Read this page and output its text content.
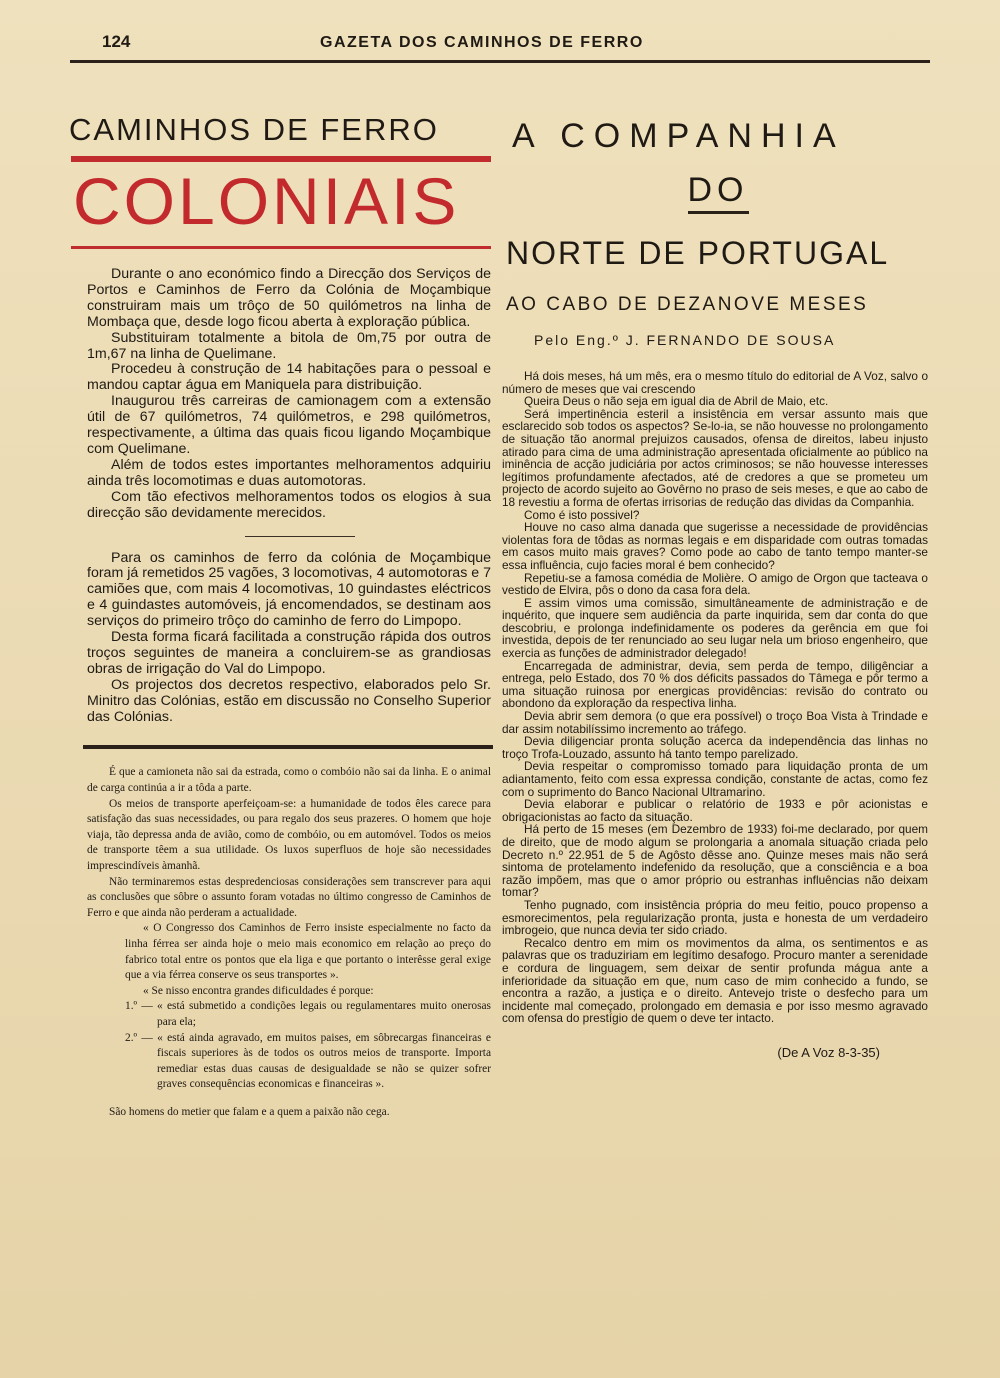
124	GAZETA DOS CAMINHOS DE FERRO
CAMINHOS DE FERRO
COLONIAIS

Durante o ano económico findo a Direcção dos Serviços de Portos e Caminhos de Ferro da Colónia de Moçambique construiram mais um trôço de 50 quilómetros na linha de Mombaça que, desde logo ficou aberta à exploração pública.

Substituiram totalmente a bitola de 0m,75 por outra de 1m,67 na linha de Quelimane.

Procedeu à construção de 14 habitações para o pessoal e mandou captar água em Maniquela para distribuição.

Inaugurou três carreiras de camionagem com a extensão útil de 67 quilómetros, 74 quilómetros, e 298 quilómetros, respectivamente, a última das quais ficou ligando Moçambique com Quelimane.

Além de todos estes importantes melhoramentos adquiriu ainda três locomotimas e duas automotoras.

Com tão efectivos melhoramentos todos os elogios à sua direcção são devidamente merecidos.

Para os caminhos de ferro da colónia de Moçambique foram já remetidos 25 vagões, 3 locomotivas, 4 automotoras e 7 camiões que, com mais 4 locomotivas, 10 guindastes eléctricos e 4 guindastes automóveis, já encomendados, se destinam aos serviços do primeiro trôço do caminho de ferro do Limpopo.

Desta forma ficará facilitada a construção rápida dos outros troços seguintes de maneira a concluirem-se as grandiosas obras de irrigação do Val do Limpopo.

Os projectos dos decretos respectivo, elaborados pelo Sr. Minitro das Colónias, estão em discussão no Conselho Superior das Colónias.

É que a camioneta não sai da estrada, como o combóio não sai da linha. E o animal de carga continúa a ir a tôda a parte.

Os meios de transporte aperfeiçoam-se: a humanidade de todos êles carece para satisfação das suas necessidades, ou para regalo dos seus prazeres. O homem que hoje viaja, tão depressa anda de avião, como de combóio, ou em automóvel. Todos os meios de transporte têem a sua utilidade. Os luxos superfluos de hoje são necessidades imprescindíveis àmanhã.

Não terminaremos estas despredenciosas considerações sem transcrever para aqui as conclusões que sôbre o assunto foram votadas no último congresso de Caminhos de Ferro e que ainda não perderam a actualidade.

« O Congresso dos Caminhos de Ferro insiste especialmente no facto da linha férrea ser ainda hoje o meio mais economico em relação ao preço do fabrico total entre os pontos que ela liga e que portanto o interêsse geral exige que a via férrea conserve os seus transportes ».

« Se nisso encontra grandes dificuldades é porque:

1.º — « está submetido a condições legais ou regulamentares muito onerosas para ela;

2.º — « está ainda agravado, em muitos paises, em sôbrecargas financeiras e fiscais superiores às de todos os outros meios de transporte. Importa remediar estas duas causas de desigualdade se não se quizer sofrer graves consequências economicas e financeiras ».

São homens do metier que falam e a quem a paixão não cega.

A COMPANHIA
DO
NORTE DE PORTUGAL
AO CABO DE DEZANOVE MESES
Pelo Eng.º J. FERNANDO DE SOUSA

Há dois meses, há um mês, era o mesmo título do editorial de A Voz, salvo o número de meses que vai crescendo

Queira Deus o não seja em igual dia de Abril de Maio, etc.

Será impertinência esteril a insistência em versar assunto mais que esclarecido sob todos os aspectos? Se-lo-ia, se não houvesse no prolongamento de situação tão anormal prejuizos causados, ofensa de direitos, labeu injusto atirado para cima de uma administração apresentada oficialmente ao público na iminência de acção judiciária por actos criminosos; se não houvesse interesses legítimos profundamente afectados, até de credores a que se prometeu um projecto de acordo sujeito ao Govêrno no praso de seis meses, e que ao cabo de 18 revestiu a forma de ofertas irrisorias de redução das dividas da Companhia.

Como é isto possivel?

Houve no caso alma danada que sugerisse a necessidade de providências violentas fora de tôdas as normas legais e em disparidade com outras tomadas em casos muito mais graves? Como pode ao cabo de tanto tempo manter-se essa influência, cujo facies moral é bem conhecido?

Repetiu-se a famosa comédia de Molière. O amigo de Orgon que tacteava o vestido de Elvira, pôs o dono da casa fora dela.

E assim vimos uma comissão, simultâneamente de administração e de inquérito, que inquere sem audiência da parte inquirida, sem dar conta do que descobriu, e prolonga indefinidamente os poderes da gerência em que foi investida, depois de ter renunciado ao seu lugar nela um brioso engenheiro, que exercia as funções de administrador delegado!

Encarregada de administrar, devia, sem perda de tempo, diligênciar a entrega, pelo Estado, dos 70 % dos déficits passados do Tâmega e pôr termo a uma situação ruinosa por energicas providências: revisão do contrato ou abondono da exploração da respectiva linha.

Devia abrir sem demora (o que era possível) o troço Boa Vista à Trindade e dar assim notabilíssimo incremento ao tráfego.

Devia diligenciar pronta solução acerca da independência das linhas no troço Trofa-Louzado, assunto há tanto tempo parelizado.

Devia respeitar o compromisso tomado para liquidação pronta de um adiantamento, feito com essa expressa condição, constante de actas, como fez com o suprimento do Banco Nacional Ultramarino.

Devia elaborar e publicar o relatório de 1933 e pôr acionistas e obrigacionistas ao facto da situação.

Há perto de 15 meses (em Dezembro de 1933) foi-me declarado, por quem de direito, que de modo algum se prolongaria a anomala situação criada pelo Decreto n.º 22.951 de 5 de Agôsto dêsse ano. Quinze meses mais não será sintoma de protelamento indefenido da resolução, que a consciência e a boa razão impõem, mas que o amor próprio ou estranhas influências não deixam tomar?

Tenho pugnado, com insistência própria do meu feitio, pouco propenso a esmorecimentos, pela regularização pronta, justa e honesta de um verdadeiro imbrogeio, que nunca devia ter sido criado.

Recalco dentro em mim os movimentos da alma, os sentimentos e as palavras que os traduziriam em legítimo desafogo. Procuro manter a serenidade e cordura de linguagem, sem deixar de sentir profunda mágua ante a inferioridade da situação em que, num caso de mim conhecido a fundo, se encontra a razão, a justiça e o direito. Antevejo triste o desfecho para um incidente mal começado, prolongado em demasia e por isso mesmo agravado com ofensa do prestígio de quem o deve ter intacto.

(De A Voz 8-3-35)
